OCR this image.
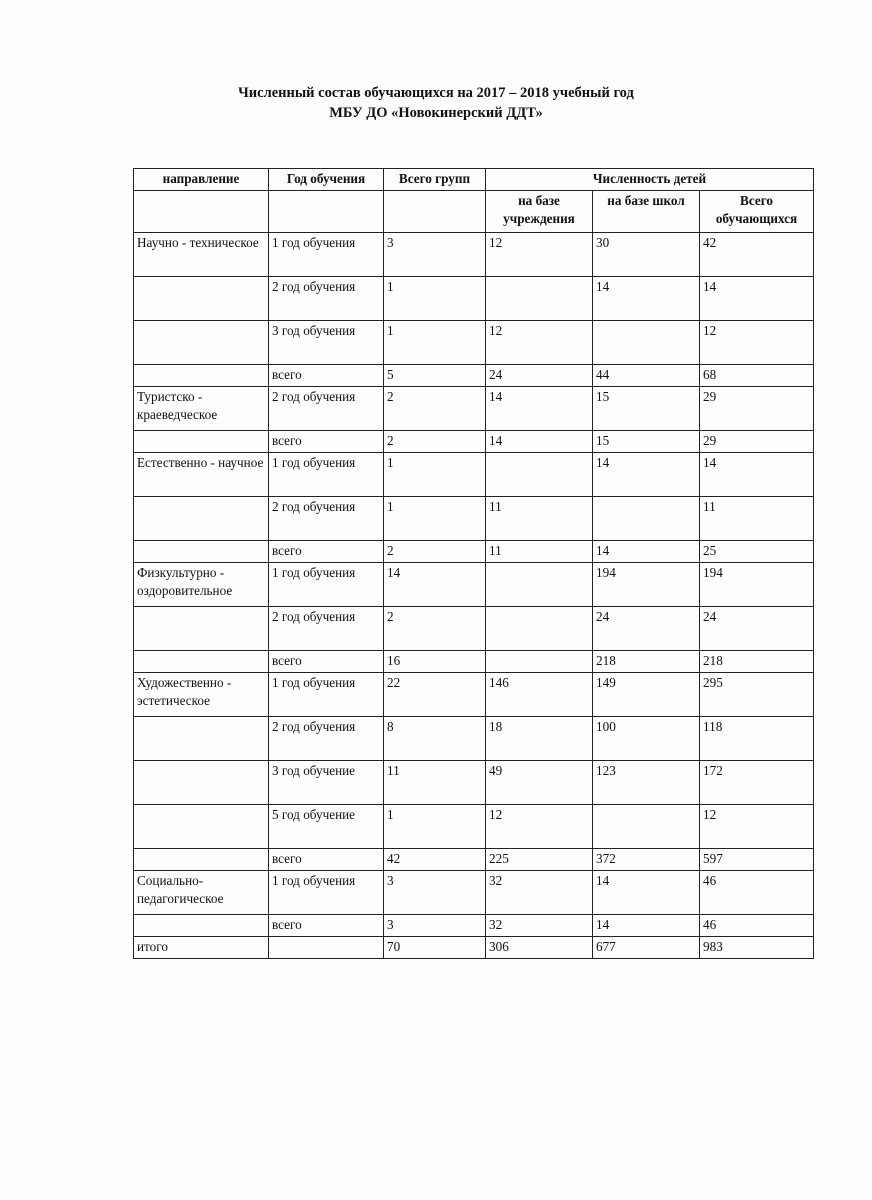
Численный состав обучающихся на 2017 – 2018 учебный год
МБУ ДО «Новокинерский ДДТ»
направление	Год обучения	Всего групп	Численность детей		
			на базе учреждения	на базе школ	Всего обучающихся
Научно - техническое	1 год обучения	3	12	30	42
	2 год обучения	1		14	14
	3 год обучения	1	12		12
	всего	5	24	44	68
Туристско - краеведческое	2 год обучения	2	14	15	29
	всего	2	14	15	29
Естественно - научное	1 год обучения	1		14	14
	2 год обучения	1	11		11
	всего	2	11	14	25
Физкультурно - оздоровительное	1 год обучения	14		194	194
	2 год обучения	2		24	24
	всего	16		218	218
Художественно - эстетическое	1 год обучения	22	146	149	295
	2 год обучения	8	18	100	118
	3 год обучение	11	49	123	172
	5 год обучение	1	12		12
	всего	42	225	372	597
Социально-педагогическое	1 год обучения	3	32	14	46
	всего	3	32	14	46
итого		70	306	677	983
